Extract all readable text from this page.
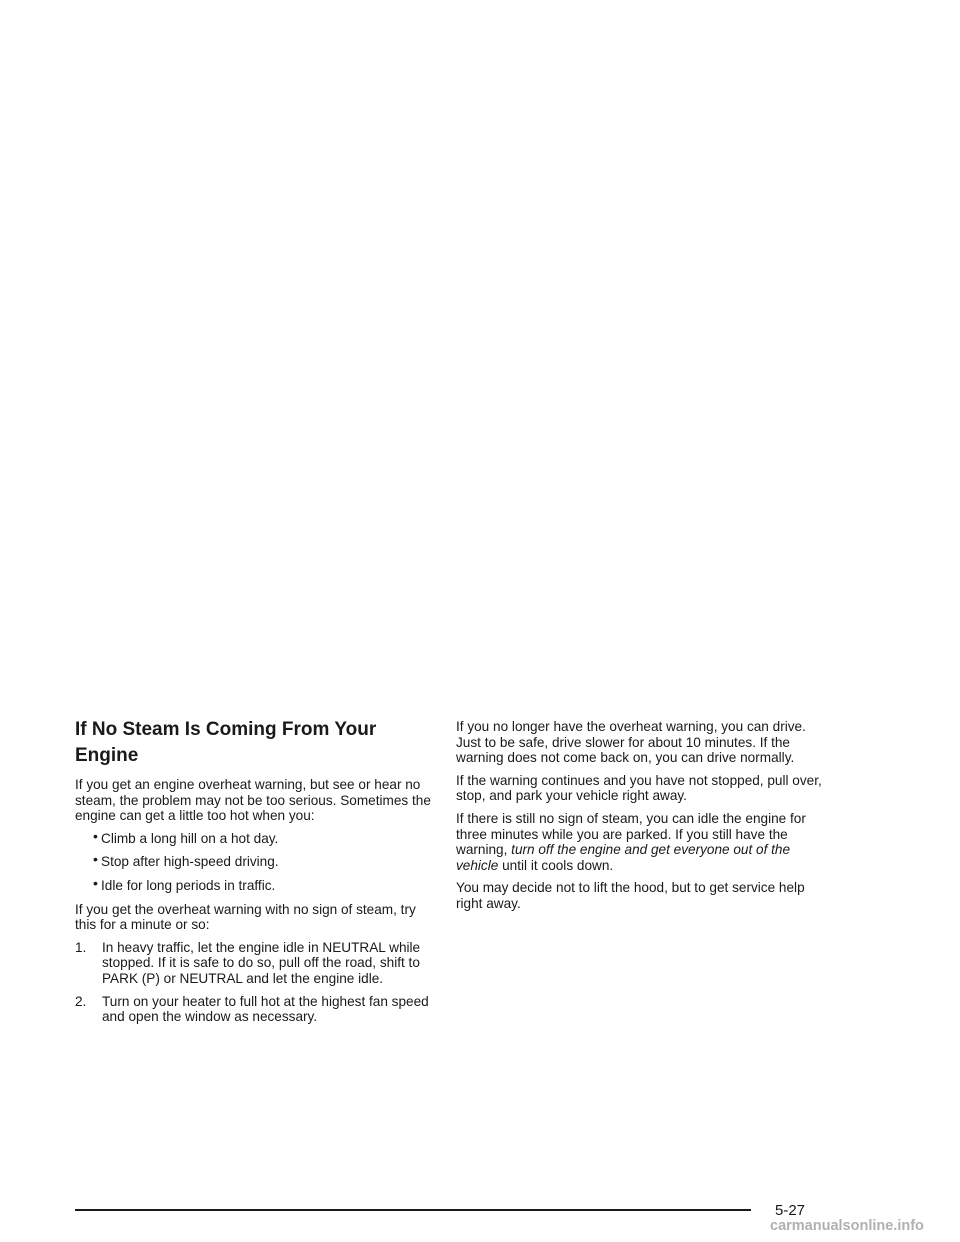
If No Steam Is Coming From Your Engine

If you get an engine overheat warning, but see or hear no steam, the problem may not be too serious. Sometimes the engine can get a little too hot when you:

• Climb a long hill on a hot day.
• Stop after high-speed driving.
• Idle for long periods in traffic.

If you get the overheat warning with no sign of steam, try this for a minute or so:

1. In heavy traffic, let the engine idle in NEUTRAL while stopped. If it is safe to do so, pull off the road, shift to PARK (P) or NEUTRAL and let the engine idle.
2. Turn on your heater to full hot at the highest fan speed and open the window as necessary.

If you no longer have the overheat warning, you can drive. Just to be safe, drive slower for about 10 minutes. If the warning does not come back on, you can drive normally.

If the warning continues and you have not stopped, pull over, stop, and park your vehicle right away.

If there is still no sign of steam, you can idle the engine for three minutes while you are parked. If you still have the warning, turn off the engine and get everyone out of the vehicle until it cools down.

You may decide not to lift the hood, but to get service help right away.

5-27
carmanualsonline.info
